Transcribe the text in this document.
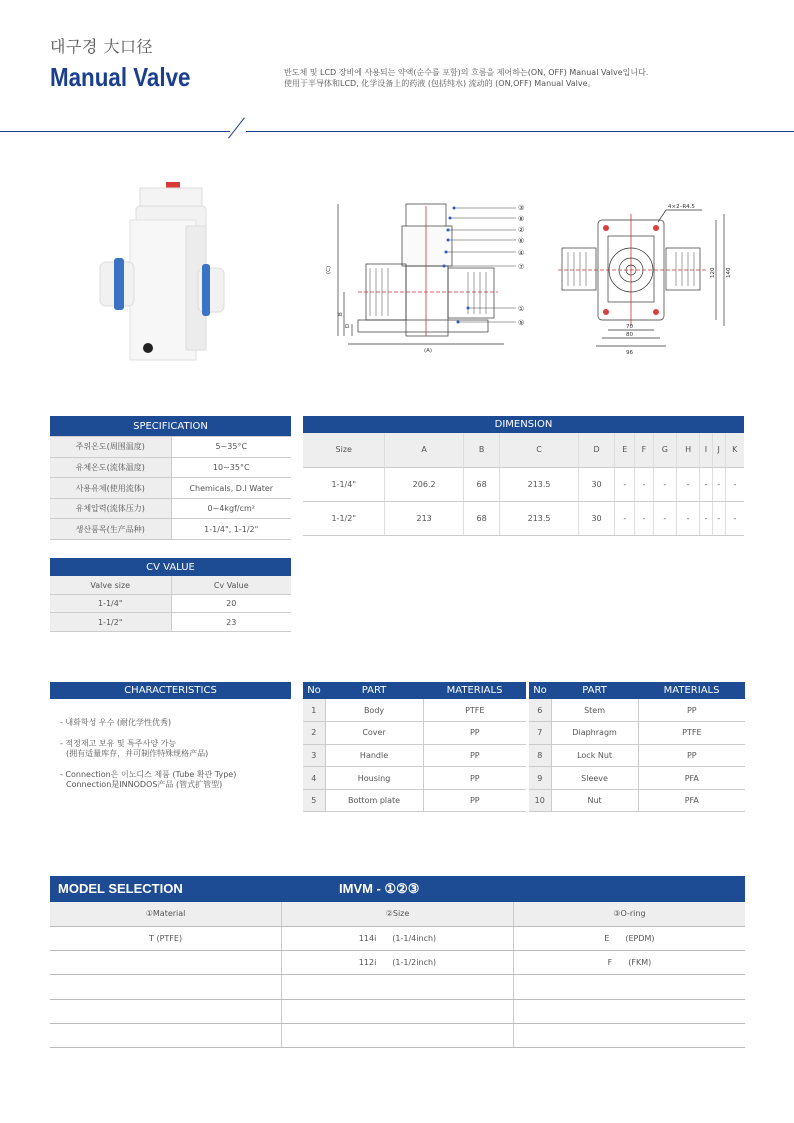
대구경 大口径
Manual Valve	반도체 및 LCD 장비에 사용되는 약액(순수를 포함)의 흐름을 제어하는(ON, OFF) Manual Valve입니다.
使用于半导体和LCD, 化学设备上的药液 (包括纯水) 流动的 (ON,OFF) Manual Valve。
③
⑧
②
⑥
④
⑦
①
⑤
(C)
B
D
(A)
4×2–R4.5
70
80
96
120 140
SPECIFICATION	
주위온도(周围温度)	5~35°C
유체온도(流体温度)	10~35°C
사용유체(使用流体)	Chemicals, D.I Water
유체압력(流体压力)	0~4kgf/cm²
생산품목(生产品种)	1-1/4", 1-1/2"
DIMENSION											
Size	A	B	C	D	E	F	G	H	I	J	K
1-1/4"	206.2	68	213.5	30	-	-	-	-	-	-	-
1-1/2"	213	68	213.5	30	-	-	-	-	-	-	-
CV VALUE	
Valve size	Cv Value
1-1/4"	20
1-1/2"	23
CHARACTERISTICS
- 내화학성 우수 (耐化学性优秀)
- 적정재고 보유 및 특주사양 가능
(拥有适量库存，并可制作特殊规格产品)
- Connection은 이노디스 제품 (Tube 확관 Type)
Connection是INNODOS产品 (管式扩管型)
No	PART	MATERIALS
1	Body	PTFE
2	Cover	PP
3	Handle	PP
4	Housing	PP
5	Bottom plate	PP
No	PART	MATERIALS
6	Stem	PP
7	Diaphragm	PTFE
8	Lock Nut	PP
9	Sleeve	PFA
10	Nut	PFA
MODEL SELECTION	IMVM - ①②③
①Material	②Size	③O-ring
T (PTFE)	114i (1-1/4inch)	E (EPDM)

	112i (1-1/2inch)	F (FKM)
